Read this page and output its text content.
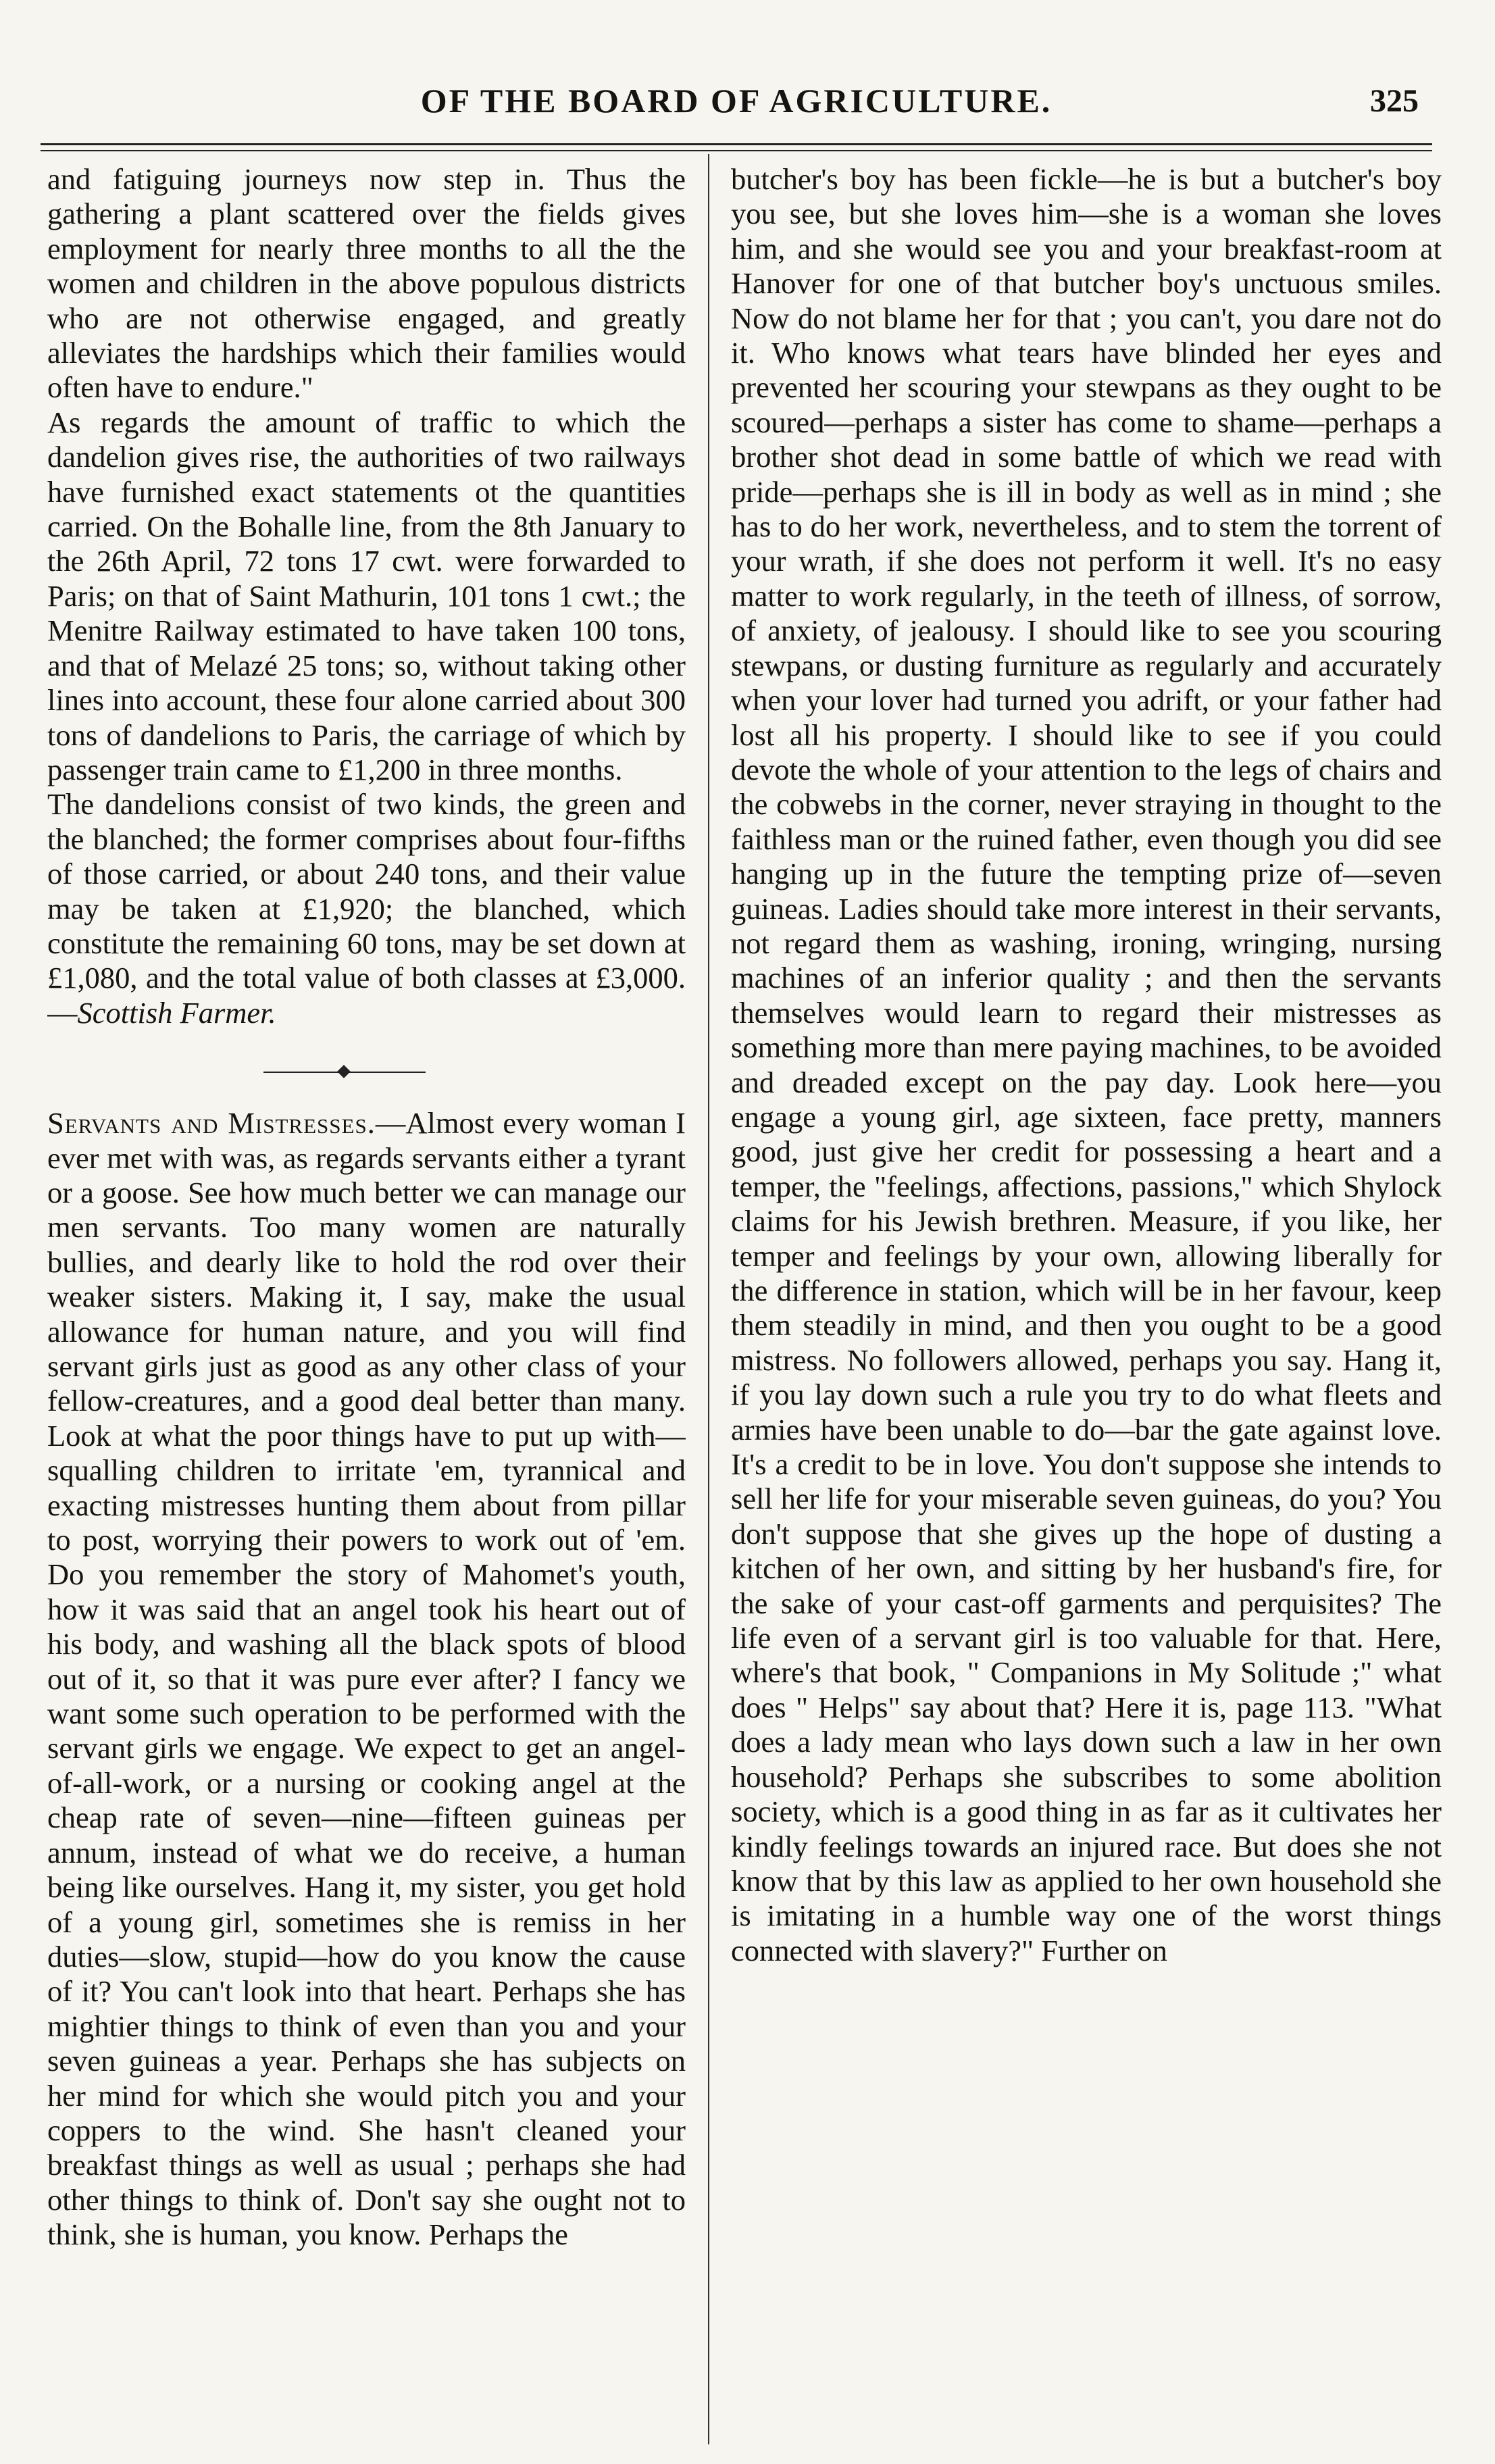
OF THE BOARD OF AGRICULTURE.	325

and fatiguing journeys now step in. Thus the gathering a plant scattered over the fields gives employment for nearly three months to all the the women and children in the above populous districts who are not otherwise engaged, and greatly alleviates the hardships which their families would often have to endure."

As regards the amount of traffic to which the dandelion gives rise, the authorities of two railways have furnished exact statements ot the quantities carried. On the Bohalle line, from the 8th January to the 26th April, 72 tons 17 cwt. were forwarded to Paris; on that of Saint Mathurin, 101 tons 1 cwt.; the Menitre Railway estimated to have taken 100 tons, and that of Melazé 25 tons; so, without taking other lines into account, these four alone carried about 300 tons of dandelions to Paris, the carriage of which by passenger train came to £1,200 in three months.

The dandelions consist of two kinds, the green and the blanched; the former comprises about four-fifths of those carried, or about 240 tons, and their value may be taken at £1,920; the blanched, which constitute the remaining 60 tons, may be set down at £1,080, and the total value of both classes at £3,000.—Scottish Farmer.

Servants and Mistresses.—Almost every woman I ever met with was, as regards servants either a tyrant or a goose. See how much better we can manage our men servants. Too many women are naturally bullies, and dearly like to hold the rod over their weaker sisters. Making it, I say, make the usual allowance for human nature, and you will find servant girls just as good as any other class of your fellow-creatures, and a good deal better than many. Look at what the poor things have to put up with—squalling children to irritate 'em, tyrannical and exacting mistresses hunting them about from pillar to post, worrying their powers to work out of 'em. Do you remember the story of Mahomet's youth, how it was said that an angel took his heart out of his body, and washing all the black spots of blood out of it, so that it was pure ever after? I fancy we want some such operation to be performed with the servant girls we engage. We expect to get an angel-of-all-work, or a nursing or cooking angel at the cheap rate of seven—nine—fifteen guineas per annum, instead of what we do receive, a human being like ourselves. Hang it, my sister, you get hold of a young girl, sometimes she is remiss in her duties—slow, stupid—how do you know the cause of it? You can't look into that heart. Perhaps she has mightier things to think of even than you and your seven guineas a year. Perhaps she has subjects on her mind for which she would pitch you and your coppers to the wind. She hasn't cleaned your breakfast things as well as usual ; perhaps she had other things to think of. Don't say she ought not to think, she is human, you know. Perhaps the

butcher's boy has been fickle—he is but a butcher's boy you see, but she loves him—she is a woman she loves him, and she would see you and your breakfast-room at Hanover for one of that butcher boy's unctuous smiles. Now do not blame her for that ; you can't, you dare not do it. Who knows what tears have blinded her eyes and prevented her scouring your stewpans as they ought to be scoured—perhaps a sister has come to shame—perhaps a brother shot dead in some battle of which we read with pride—perhaps she is ill in body as well as in mind ; she has to do her work, nevertheless, and to stem the torrent of your wrath, if she does not perform it well. It's no easy matter to work regularly, in the teeth of illness, of sorrow, of anxiety, of jealousy. I should like to see you scouring stewpans, or dusting furniture as regularly and accurately when your lover had turned you adrift, or your father had lost all his property. I should like to see if you could devote the whole of your attention to the legs of chairs and the cobwebs in the corner, never straying in thought to the faithless man or the ruined father, even though you did see hanging up in the future the tempting prize of—seven guineas. Ladies should take more interest in their servants, not regard them as washing, ironing, wringing, nursing machines of an inferior quality ; and then the servants themselves would learn to regard their mistresses as something more than mere paying machines, to be avoided and dreaded except on the pay day. Look here—you engage a young girl, age sixteen, face pretty, manners good, just give her credit for possessing a heart and a temper, the "feelings, affections, passions," which Shylock claims for his Jewish brethren. Measure, if you like, her temper and feelings by your own, allowing liberally for the difference in station, which will be in her favour, keep them steadily in mind, and then you ought to be a good mistress. No followers allowed, perhaps you say. Hang it, if you lay down such a rule you try to do what fleets and armies have been unable to do—bar the gate against love. It's a credit to be in love. You don't suppose she intends to sell her life for your miserable seven guineas, do you? You don't suppose that she gives up the hope of dusting a kitchen of her own, and sitting by her husband's fire, for the sake of your cast-off garments and perquisites? The life even of a servant girl is too valuable for that. Here, where's that book, " Companions in My Solitude ;" what does " Helps" say about that? Here it is, page 113. "What does a lady mean who lays down such a law in her own household? Perhaps she subscribes to some abolition society, which is a good thing in as far as it cultivates her kindly feelings towards an injured race. But does she not know that by this law as applied to her own household she is imitating in a humble way one of the worst things connected with slavery?" Further on
